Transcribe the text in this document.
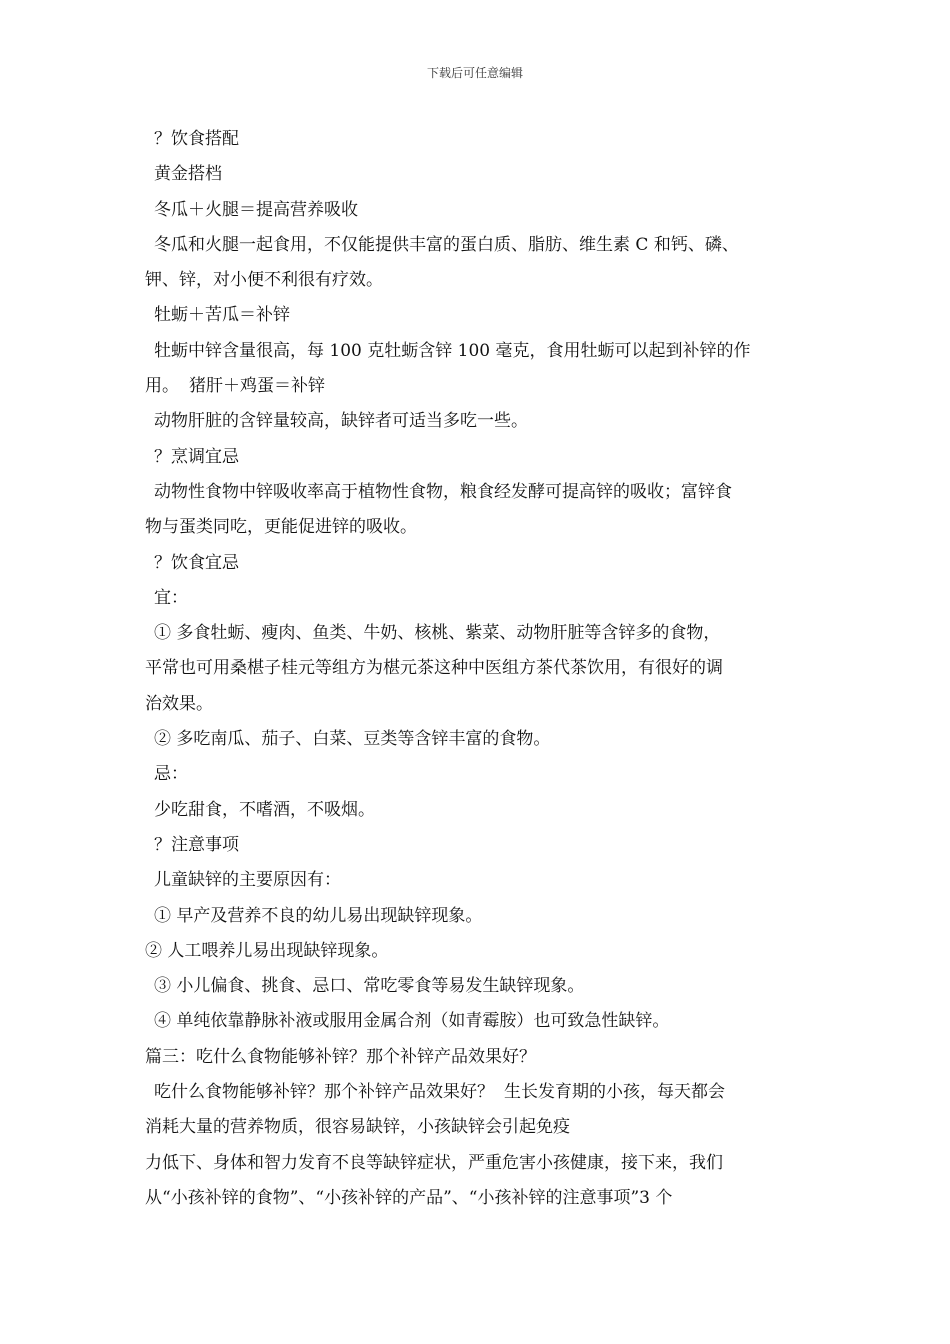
下载后可任意编辑
？饮食搭配
黄金搭档
冬瓜＋火腿＝提高营养吸收
冬瓜和火腿一起食用，不仅能提供丰富的蛋白质、脂肪、维生素 C 和钙、磷、
钾、锌，对小便不利很有疗效。
牡蛎＋苦瓜＝补锌
牡蛎中锌含量很高，每 100 克牡蛎含锌 100 毫克，食用牡蛎可以起到补锌的作
用。 猪肝＋鸡蛋＝补锌
动物肝脏的含锌量较高，缺锌者可适当多吃一些。
？烹调宜忌
动物性食物中锌吸收率高于植物性食物，粮食经发酵可提高锌的吸收；富锌食
物与蛋类同吃，更能促进锌的吸收。
？饮食宜忌
宜：
① 多食牡蛎、瘦肉、鱼类、牛奶、核桃、紫菜、动物肝脏等含锌多的食物，
平常也可用桑椹子桂元等组方为椹元茶这种中医组方茶代茶饮用，有很好的调
治效果。
② 多吃南瓜、茄子、白菜、豆类等含锌丰富的食物。
忌：
少吃甜食，不嗜酒，不吸烟。
？注意事项
儿童缺锌的主要原因有：
① 早产及营养不良的幼儿易出现缺锌现象。
② 人工喂养儿易出现缺锌现象。
③ 小儿偏食、挑食、忌口、常吃零食等易发生缺锌现象。
④ 单纯依靠静脉补液或服用金属合剂（如青霉胺）也可致急性缺锌。
篇三：吃什么食物能够补锌？那个补锌产品效果好？
吃什么食物能够补锌？那个补锌产品效果好？ 生长发育期的小孩，每天都会
消耗大量的营养物质，很容易缺锌，小孩缺锌会引起免疫
力低下、身体和智力发育不良等缺锌症状，严重危害小孩健康，接下来，我们
从“小孩补锌的食物”、“小孩补锌的产品”、“小孩补锌的注意事项”3 个
